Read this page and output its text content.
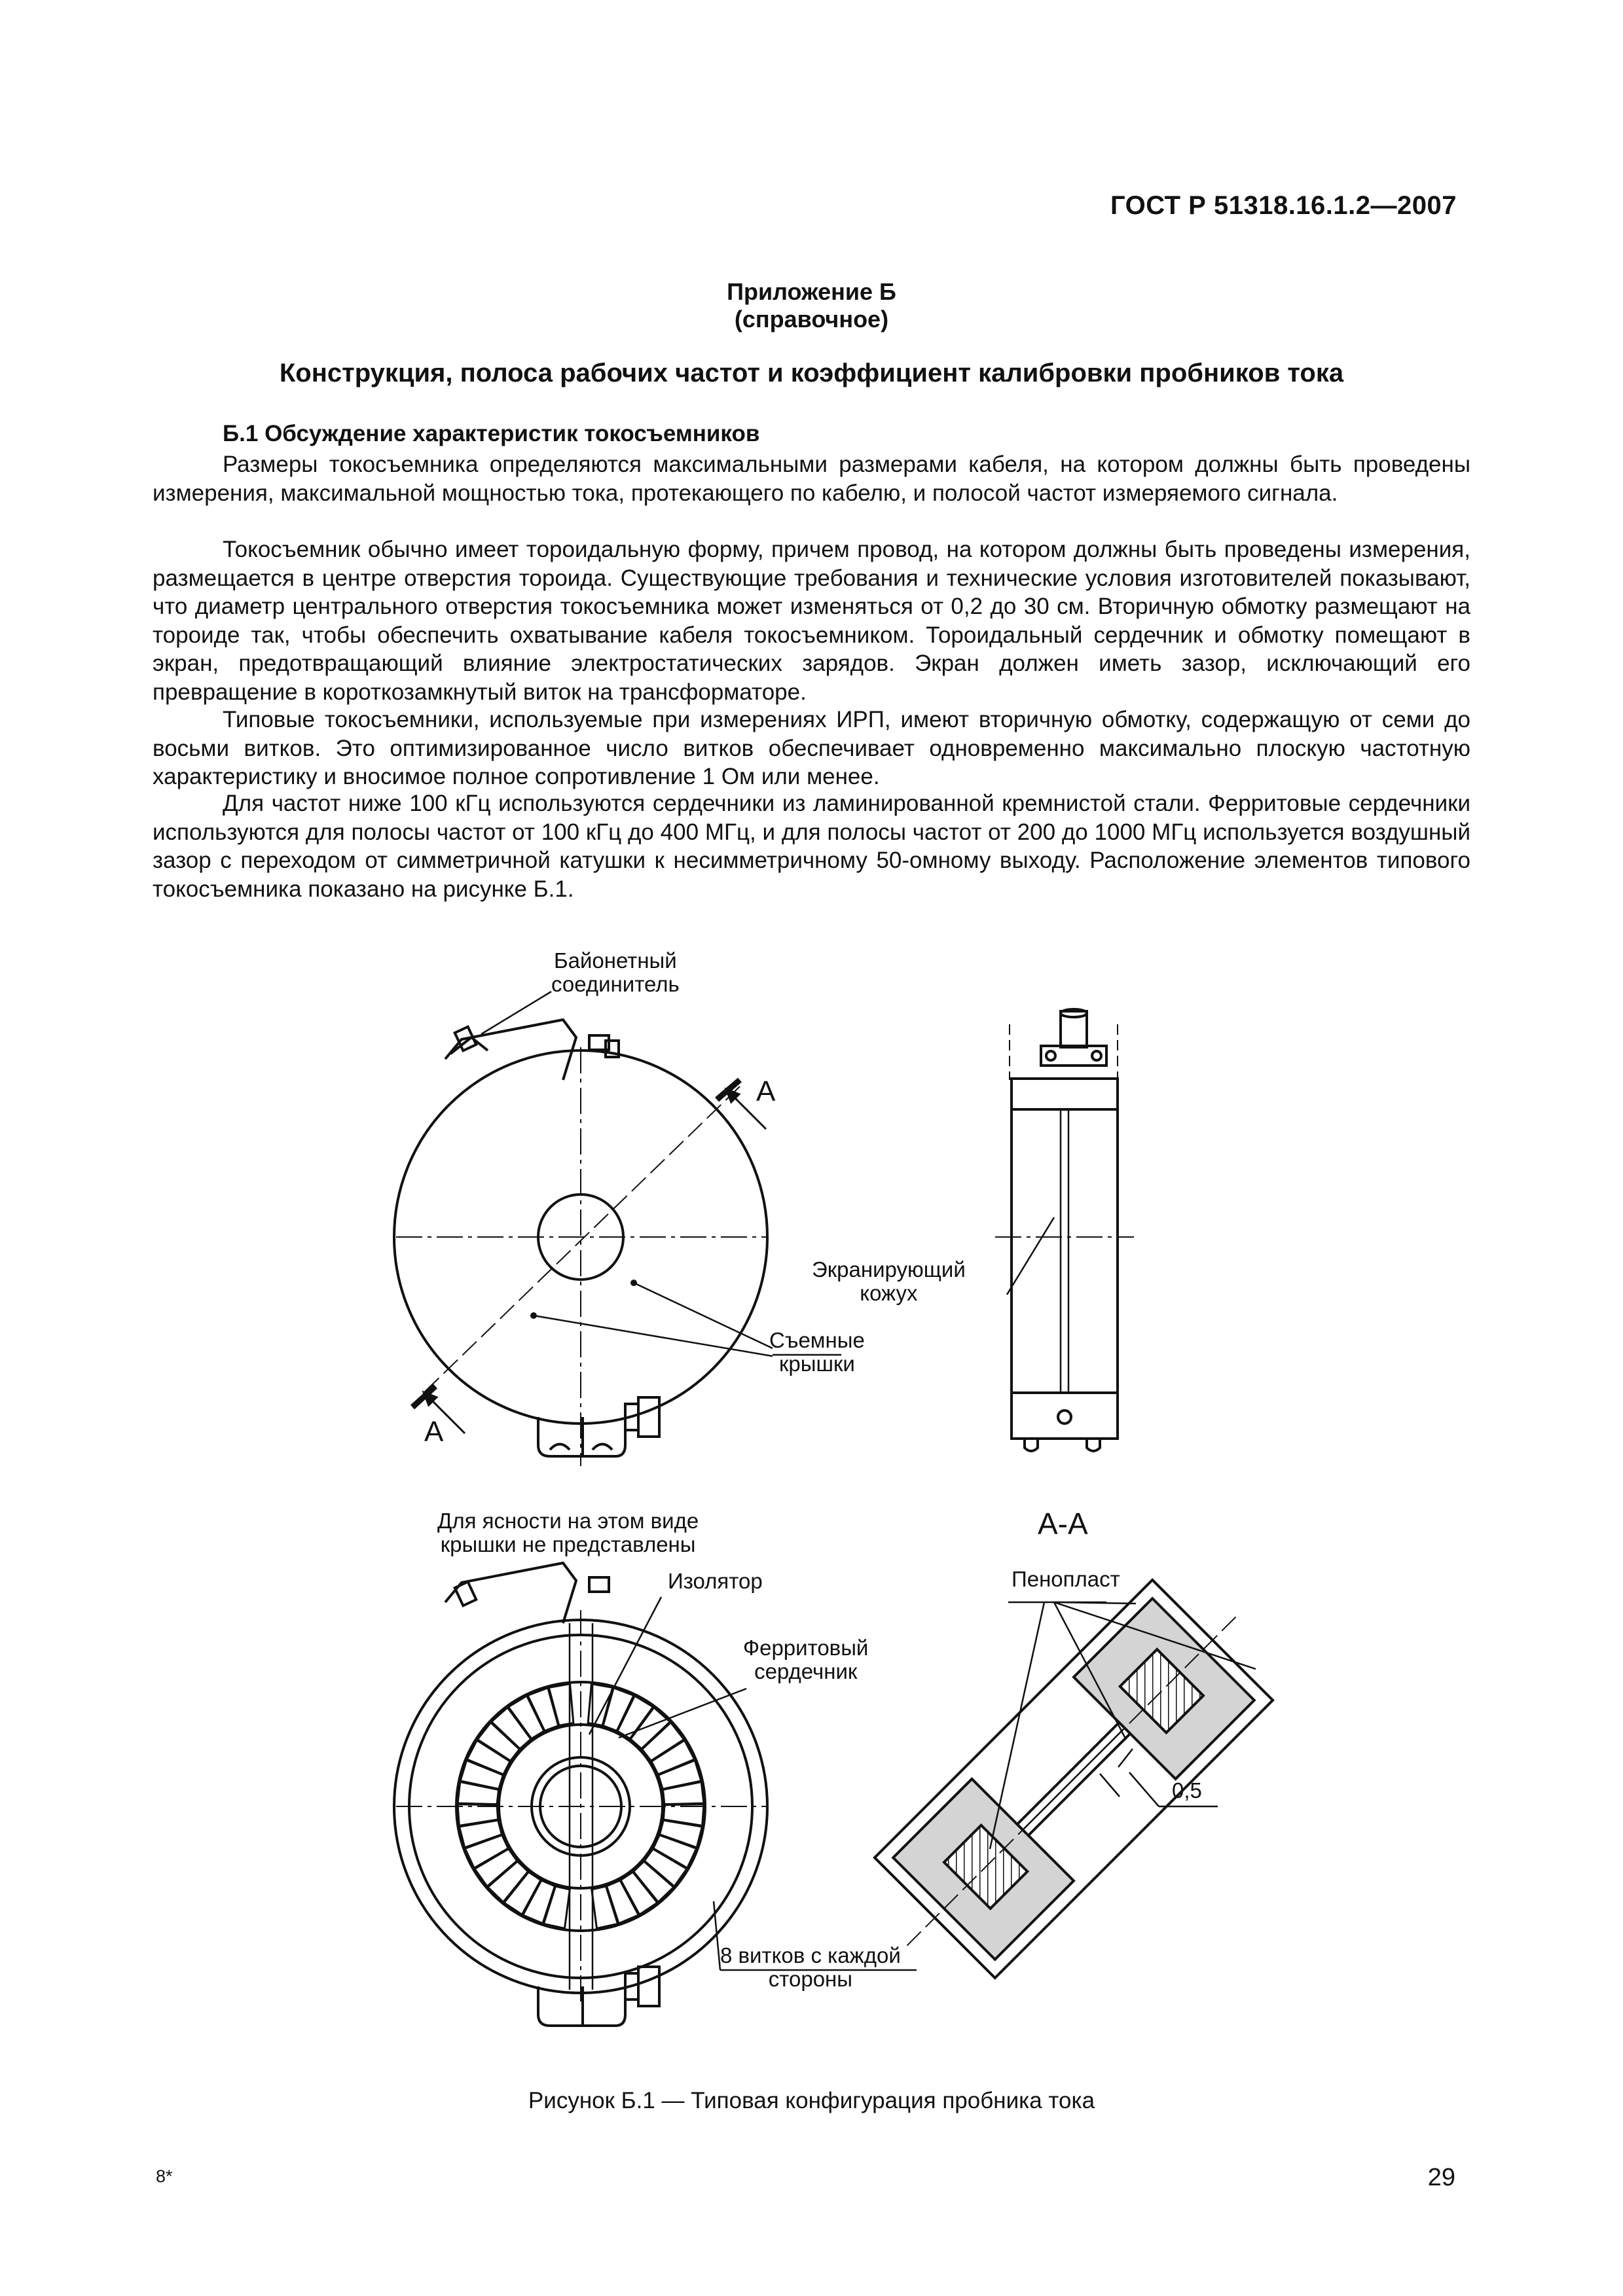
ГОСТ Р 51318.16.1.2—2007
Приложение Б
(справочное)
Конструкция, полоса рабочих частот и коэффициент калибровки пробников тока
Б.1 Обсуждение характеристик токосъемников
Размеры токосъемника определяются максимальными размерами кабеля, на котором должны быть проведены измерения, максимальной мощностью тока, протекающего по кабелю, и полосой частот измеряемого сигнала.
Токосъемник обычно имеет тороидальную форму, причем провод, на котором должны быть проведены измерения, размещается в центре отверстия тороида. Существующие требования и технические условия изготовителей показывают, что диаметр центрального отверстия токосъемника может изменяться от 0,2 до 30 см. Вторичную обмотку размещают на тороиде так, чтобы обеспечить охватывание кабеля токосъемником. Тороидальный сердечник и обмотку помещают в экран, предотвращающий влияние электростатических зарядов. Экран должен иметь зазор, исключающий его превращение в короткозамкнутый виток на трансформаторе.
Типовые токосъемники, используемые при измерениях ИРП, имеют вторичную обмотку, содержащую от семи до восьми витков. Это оптимизированное число витков обеспечивает одновременно максимально плоскую частотную характеристику и вносимое полное сопротивление 1 Ом или менее.
Для частот ниже 100 кГц используются сердечники из ламинированной кремнистой стали. Ферритовые сердечники используются для полосы частот от 100 кГц до 400 МГц, и для полосы частот от 200 до 1000 МГц используется воздушный зазор с переходом от симметричной катушки к несимметричному 50-омному выходу. Расположение элементов типового токосъемника показано на рисунке Б.1.
Байонетный
соединитель
А
А
Экранирующий
кожух
Съемные
крышки
Для ясности на этом виде
крышки не представлены
А-А
Изолятор
Ферритовый
сердечник
Пенопласт
0,5
8 витков с каждой
стороны
Рисунок Б.1 — Типовая конфигурация пробника тока
8*	29
